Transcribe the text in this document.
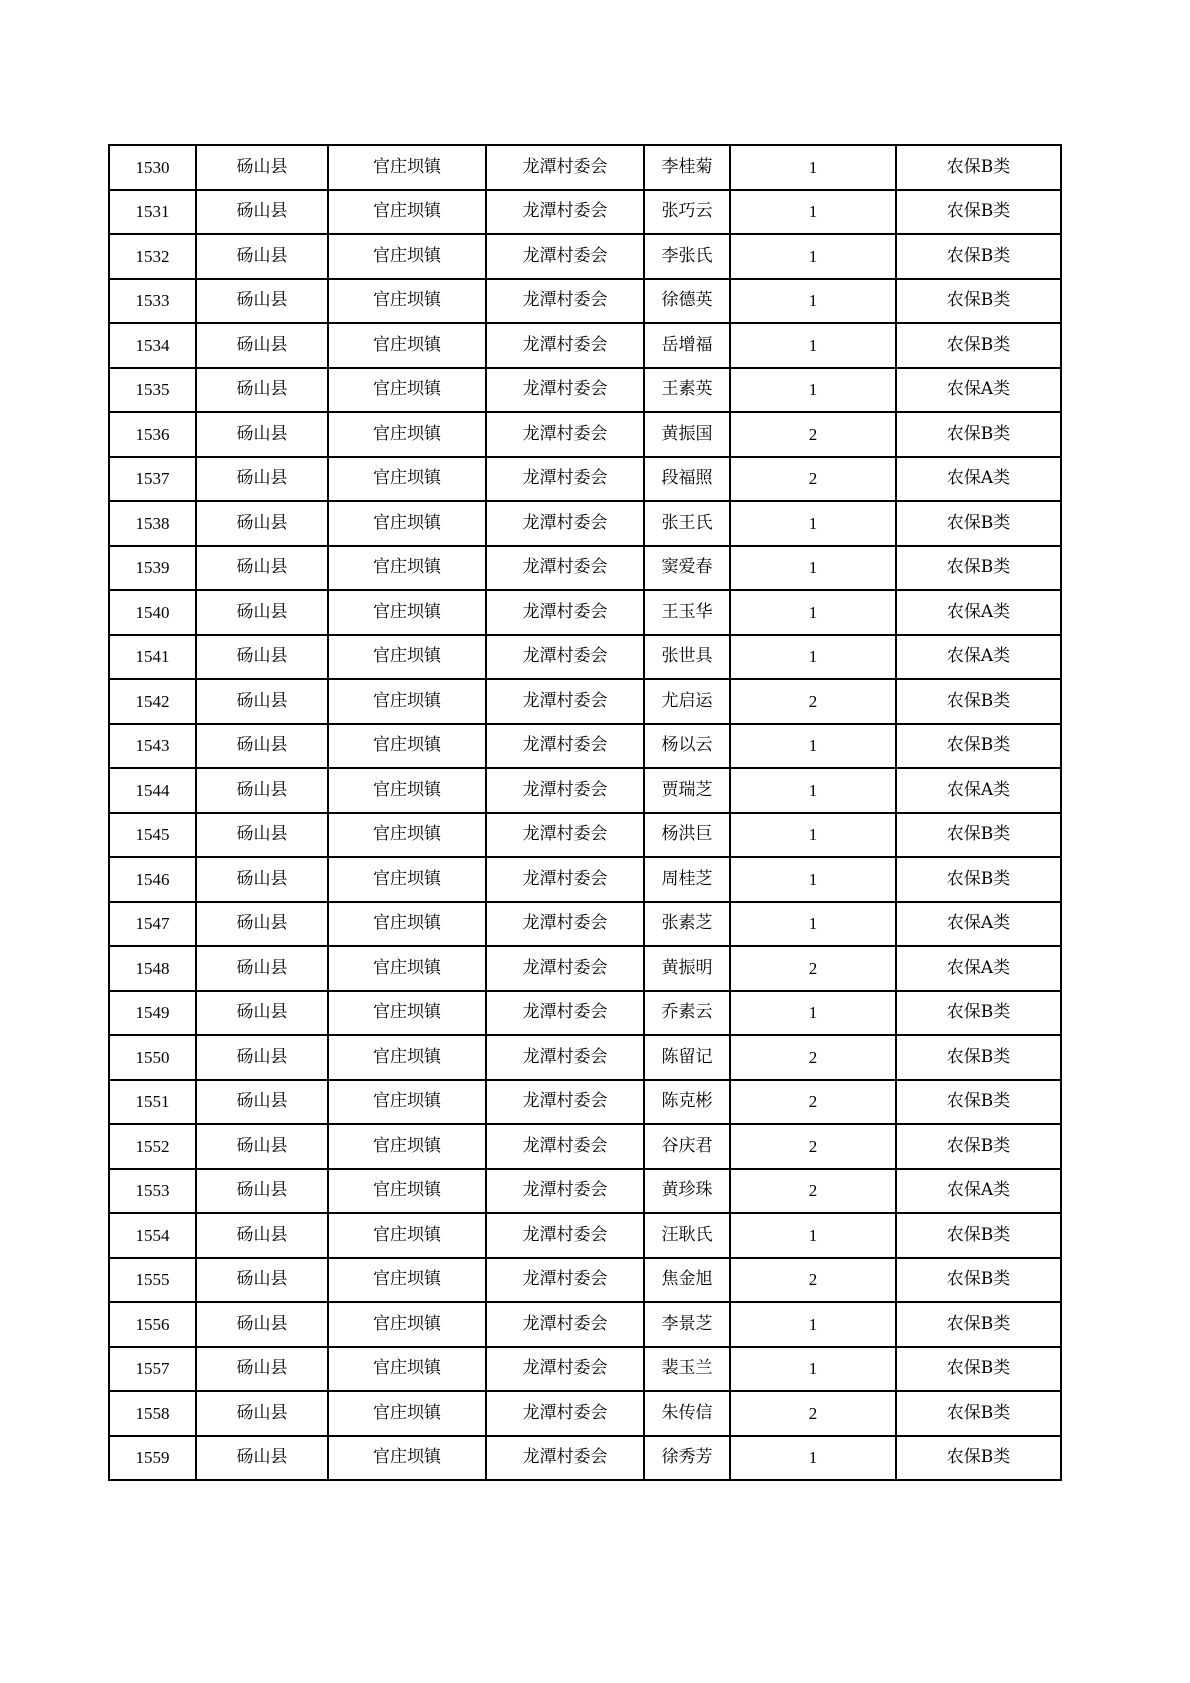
1530	砀山县	官庄坝镇	龙潭村委会	李桂菊	1	农保B类
1531	砀山县	官庄坝镇	龙潭村委会	张巧云	1	农保B类
1532	砀山县	官庄坝镇	龙潭村委会	李张氏	1	农保B类
1533	砀山县	官庄坝镇	龙潭村委会	徐德英	1	农保B类
1534	砀山县	官庄坝镇	龙潭村委会	岳增福	1	农保B类
1535	砀山县	官庄坝镇	龙潭村委会	王素英	1	农保A类
1536	砀山县	官庄坝镇	龙潭村委会	黄振国	2	农保B类
1537	砀山县	官庄坝镇	龙潭村委会	段福照	2	农保A类
1538	砀山县	官庄坝镇	龙潭村委会	张王氏	1	农保B类
1539	砀山县	官庄坝镇	龙潭村委会	窦爱春	1	农保B类
1540	砀山县	官庄坝镇	龙潭村委会	王玉华	1	农保A类
1541	砀山县	官庄坝镇	龙潭村委会	张世具	1	农保A类
1542	砀山县	官庄坝镇	龙潭村委会	尤启运	2	农保B类
1543	砀山县	官庄坝镇	龙潭村委会	杨以云	1	农保B类
1544	砀山县	官庄坝镇	龙潭村委会	贾瑞芝	1	农保A类
1545	砀山县	官庄坝镇	龙潭村委会	杨洪巨	1	农保B类
1546	砀山县	官庄坝镇	龙潭村委会	周桂芝	1	农保B类
1547	砀山县	官庄坝镇	龙潭村委会	张素芝	1	农保A类
1548	砀山县	官庄坝镇	龙潭村委会	黄振明	2	农保A类
1549	砀山县	官庄坝镇	龙潭村委会	乔素云	1	农保B类
1550	砀山县	官庄坝镇	龙潭村委会	陈留记	2	农保B类
1551	砀山县	官庄坝镇	龙潭村委会	陈克彬	2	农保B类
1552	砀山县	官庄坝镇	龙潭村委会	谷庆君	2	农保B类
1553	砀山县	官庄坝镇	龙潭村委会	黄珍珠	2	农保A类
1554	砀山县	官庄坝镇	龙潭村委会	汪耿氏	1	农保B类
1555	砀山县	官庄坝镇	龙潭村委会	焦金旭	2	农保B类
1556	砀山县	官庄坝镇	龙潭村委会	李景芝	1	农保B类
1557	砀山县	官庄坝镇	龙潭村委会	裴玉兰	1	农保B类
1558	砀山县	官庄坝镇	龙潭村委会	朱传信	2	农保B类
1559	砀山县	官庄坝镇	龙潭村委会	徐秀芳	1	农保B类
